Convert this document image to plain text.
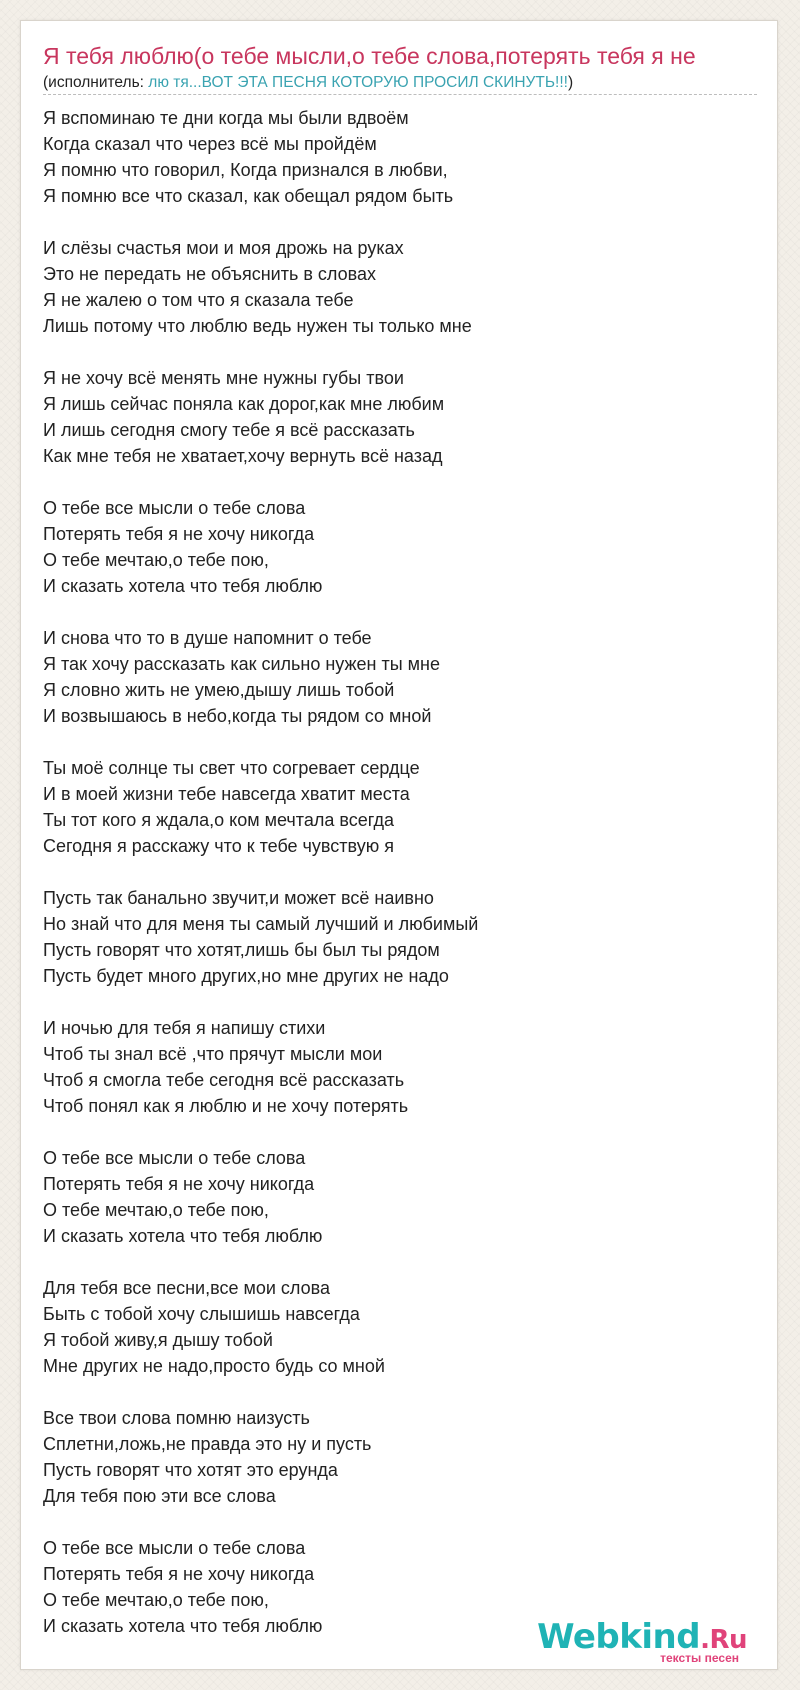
Я тебя люблю(о тебе мысли,о тебе слова,потерять тебя я не
(исполнитель: лю тя...ВОТ ЭТА ПЕСНЯ КОТОРУЮ ПРОСИЛ СКИНУТЬ!!!)
Я вспоминаю те дни когда мы были вдвоём
Когда сказал что через всё мы пройдём
Я помню что говорил, Когда признался в любви,
Я помню все что сказал, как обещал рядом быть
И слёзы счастья мои и моя дрожь на руках
Это не передать не объяснить в словах
Я не жалею о том что я сказала тебе
Лишь потому что люблю ведь нужен ты только мне
Я не хочу всё менять мне нужны губы твои
Я лишь сейчас поняла как дорог,как мне любим
И лишь сегодня смогу тебе я всё рассказать
Как мне тебя не хватает,хочу вернуть всё назад
О тебе все мысли о тебе слова
Потерять тебя я не хочу никогда
О тебе мечтаю,о тебе пою,
И сказать хотела что тебя люблю
И снова что то в душе напомнит о тебе
Я так хочу рассказать как сильно нужен ты мне
Я словно жить не умею,дышу лишь тобой
И возвышаюсь в небо,когда ты рядом со мной
Ты моё солнце ты свет что согревает сердце
И в моей жизни тебе навсегда хватит места
Ты тот кого я ждала,о ком мечтала всегда
Сегодня я расскажу что к тебе чувствую я
Пусть так банально звучит,и может всё наивно
Но знай что для меня ты самый лучший и любимый
Пусть говорят что хотят,лишь бы был ты рядом
Пусть будет много других,но мне других не надо
И ночью для тебя я напишу стихи
Чтоб ты знал всё ,что прячут мысли мои
Чтоб я смогла тебе сегодня всё рассказать
Чтоб понял как я люблю и не хочу потерять
О тебе все мысли о тебе слова
Потерять тебя я не хочу никогда
О тебе мечтаю,о тебе пою,
И сказать хотела что тебя люблю
Для тебя все песни,все мои слова
Быть с тобой хочу слышишь навсегда
Я тобой живу,я дышу тобой
Мне других не надо,просто будь со мной
Все твои слова помню наизусть
Сплетни,ложь,не правда это ну и пусть
Пусть говорят что хотят это ерунда
Для тебя пою эти все слова
О тебе все мысли о тебе слова
Потерять тебя я не хочу никогда
О тебе мечтаю,о тебе пою,
И сказать хотела что тебя люблю	Webkind.Ru
тексты песен
